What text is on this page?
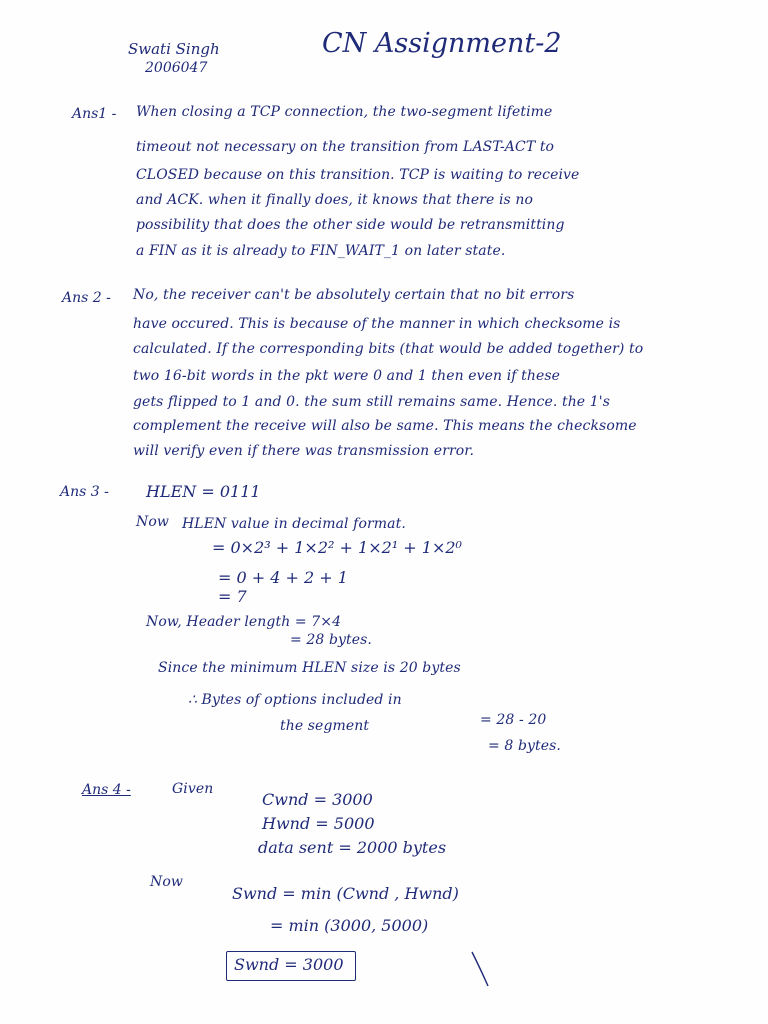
Swati Singh
2006047
CN Assignment-2
Ans1 - When closing a TCP connection, the two-segment lifetime
timeout not necessary on the transition from LAST-ACT to
CLOSED because on this transition. TCP is waiting to receive
and ACK. when it finally does, it knows that there is no
possibility that does the other side would be retransmitting
a FIN as it is already to FIN_WAIT_1 on later state.
Ans 2 - No, the receiver can't be absolutely certain that no bit errors
have occured. This is because of the manner in which checksome is
calculated. If the corresponding bits (that would be added together) to
two 16-bit words in the pkt were 0 and 1 then even if these
gets flipped to 1 and 0. the sum still remains same. Hence. the 1's
complement the receive will also be same. This means the checksome
will verify even if there was transmission error.
Ans 3 - HLEN = 0111
Now HLEN value in decimal format.
= 0×2³ + 1×2² + 1×2¹ + 1×2⁰
= 0 + 4 + 2 + 1
= 7
Now, Header length = 7×4
= 28 bytes.
Since the minimum HLEN size is 20 bytes
∴ Bytes of options included in
the segment	= 28 - 20
= 8 bytes.
Ans 4 -	Given
Cwnd = 3000
Hwnd = 5000
data sent = 2000 bytes
Now
Swnd = min (Cwnd , Hwnd)
= min (3000, 5000)
Swnd = 3000
